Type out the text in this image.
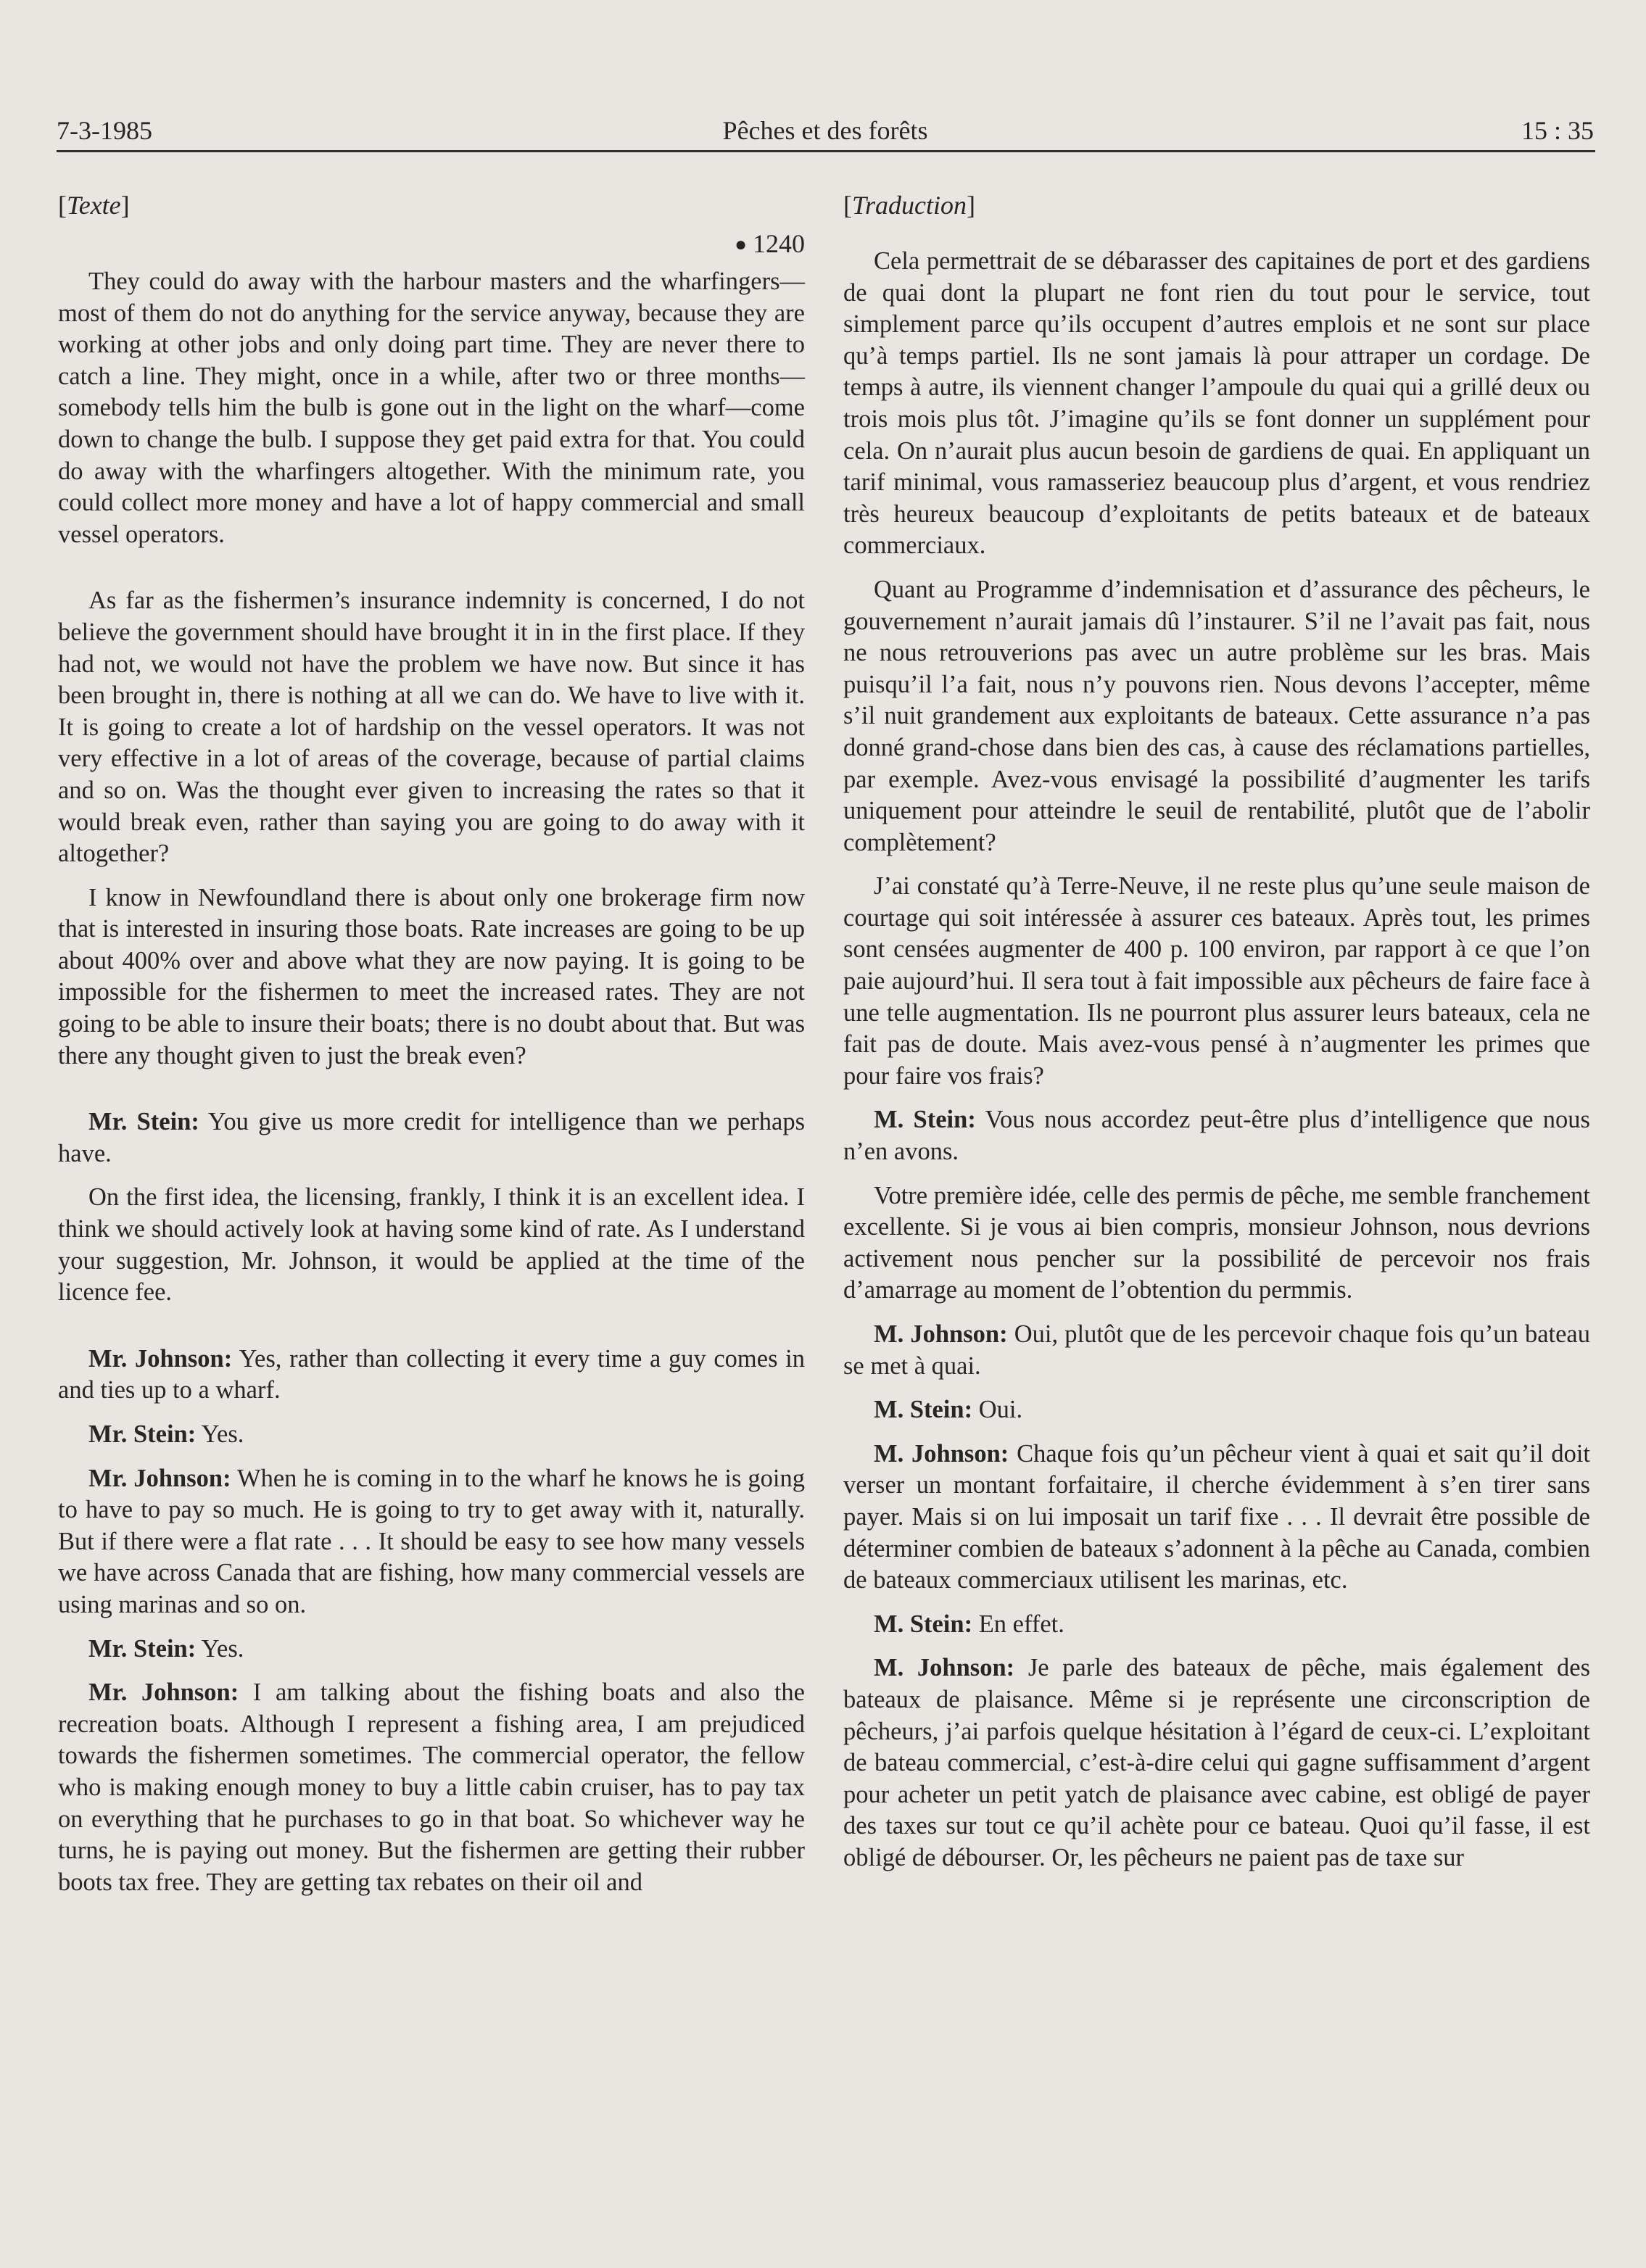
7-3-1985	Pêches et des forêts	15 : 35
[Texte]
● 1240

They could do away with the harbour masters and the wharfingers—most of them do not do anything for the service anyway, because they are working at other jobs and only doing part time. They are never there to catch a line. They might, once in a while, after two or three months—somebody tells him the bulb is gone out in the light on the wharf—come down to change the bulb. I suppose they get paid extra for that. You could do away with the wharfingers altogether. With the minimum rate, you could collect more money and have a lot of happy commercial and small vessel operators.

As far as the fishermen’s insurance indemnity is concerned, I do not believe the government should have brought it in in the first place. If they had not, we would not have the problem we have now. But since it has been brought in, there is nothing at all we can do. We have to live with it. It is going to create a lot of hardship on the vessel operators. It was not very effective in a lot of areas of the coverage, because of partial claims and so on. Was the thought ever given to increasing the rates so that it would break even, rather than saying you are going to do away with it altogether?

I know in Newfoundland there is about only one brokerage firm now that is interested in insuring those boats. Rate increases are going to be up about 400% over and above what they are now paying. It is going to be impossible for the fishermen to meet the increased rates. They are not going to be able to insure their boats; there is no doubt about that. But was there any thought given to just the break even?

Mr. Stein: You give us more credit for intelligence than we perhaps have.

On the first idea, the licensing, frankly, I think it is an excellent idea. I think we should actively look at having some kind of rate. As I understand your suggestion, Mr. Johnson, it would be applied at the time of the licence fee.

Mr. Johnson: Yes, rather than collecting it every time a guy comes in and ties up to a wharf.

Mr. Stein: Yes.

Mr. Johnson: When he is coming in to the wharf he knows he is going to have to pay so much. He is going to try to get away with it, naturally. But if there were a flat rate . . . It should be easy to see how many vessels we have across Canada that are fishing, how many commercial vessels are using marinas and so on.

Mr. Stein: Yes.

Mr. Johnson: I am talking about the fishing boats and also the recreation boats. Although I represent a fishing area, I am prejudiced towards the fishermen sometimes. The commercial operator, the fellow who is making enough money to buy a little cabin cruiser, has to pay tax on everything that he purchases to go in that boat. So whichever way he turns, he is paying out money. But the fishermen are getting their rubber boots tax free. They are getting tax rebates on their oil and

[Traduction]

Cela permettrait de se débarasser des capitaines de port et des gardiens de quai dont la plupart ne font rien du tout pour le service, tout simplement parce qu’ils occupent d’autres emplois et ne sont sur place qu’à temps partiel. Ils ne sont jamais là pour attraper un cordage. De temps à autre, ils viennent changer l’ampoule du quai qui a grillé deux ou trois mois plus tôt. J’imagine qu’ils se font donner un supplément pour cela. On n’aurait plus aucun besoin de gardiens de quai. En appliquant un tarif minimal, vous ramasseriez beaucoup plus d’argent, et vous rendriez très heureux beaucoup d’exploitants de petits bateaux et de bateaux commerciaux.

Quant au Programme d’indemnisation et d’assurance des pêcheurs, le gouvernement n’aurait jamais dû l’instaurer. S’il ne l’avait pas fait, nous ne nous retrouverions pas avec un autre problème sur les bras. Mais puisqu’il l’a fait, nous n’y pouvons rien. Nous devons l’accepter, même s’il nuit grandement aux exploitants de bateaux. Cette assurance n’a pas donné grand-chose dans bien des cas, à cause des réclamations partielles, par exemple. Avez-vous envisagé la possibilité d’augmenter les tarifs uniquement pour atteindre le seuil de rentabilité, plutôt que de l’abolir complètement?

J’ai constaté qu’à Terre-Neuve, il ne reste plus qu’une seule maison de courtage qui soit intéressée à assurer ces bateaux. Après tout, les primes sont censées augmenter de 400 p. 100 environ, par rapport à ce que l’on paie aujourd’hui. Il sera tout à fait impossible aux pêcheurs de faire face à une telle augmentation. Ils ne pourront plus assurer leurs bateaux, cela ne fait pas de doute. Mais avez-vous pensé à n’augmenter les primes que pour faire vos frais?

M. Stein: Vous nous accordez peut-être plus d’intelligence que nous n’en avons.

Votre première idée, celle des permis de pêche, me semble franchement excellente. Si je vous ai bien compris, monsieur Johnson, nous devrions activement nous pencher sur la possibilité de percevoir nos frais d’amarrage au moment de l’obtention du permmis.

M. Johnson: Oui, plutôt que de les percevoir chaque fois qu’un bateau se met à quai.

M. Stein: Oui.

M. Johnson: Chaque fois qu’un pêcheur vient à quai et sait qu’il doit verser un montant forfaitaire, il cherche évidemment à s’en tirer sans payer. Mais si on lui imposait un tarif fixe . . . Il devrait être possible de déterminer combien de bateaux s’adonnent à la pêche au Canada, combien de bateaux commerciaux utilisent les marinas, etc.

M. Stein: En effet.

M. Johnson: Je parle des bateaux de pêche, mais également des bateaux de plaisance. Même si je représente une circonscription de pêcheurs, j’ai parfois quelque hésitation à l’égard de ceux-ci. L’exploitant de bateau commercial, c’est-à-dire celui qui gagne suffisamment d’argent pour acheter un petit yatch de plaisance avec cabine, est obligé de payer des taxes sur tout ce qu’il achète pour ce bateau. Quoi qu’il fasse, il est obligé de débourser. Or, les pêcheurs ne paient pas de taxe sur
